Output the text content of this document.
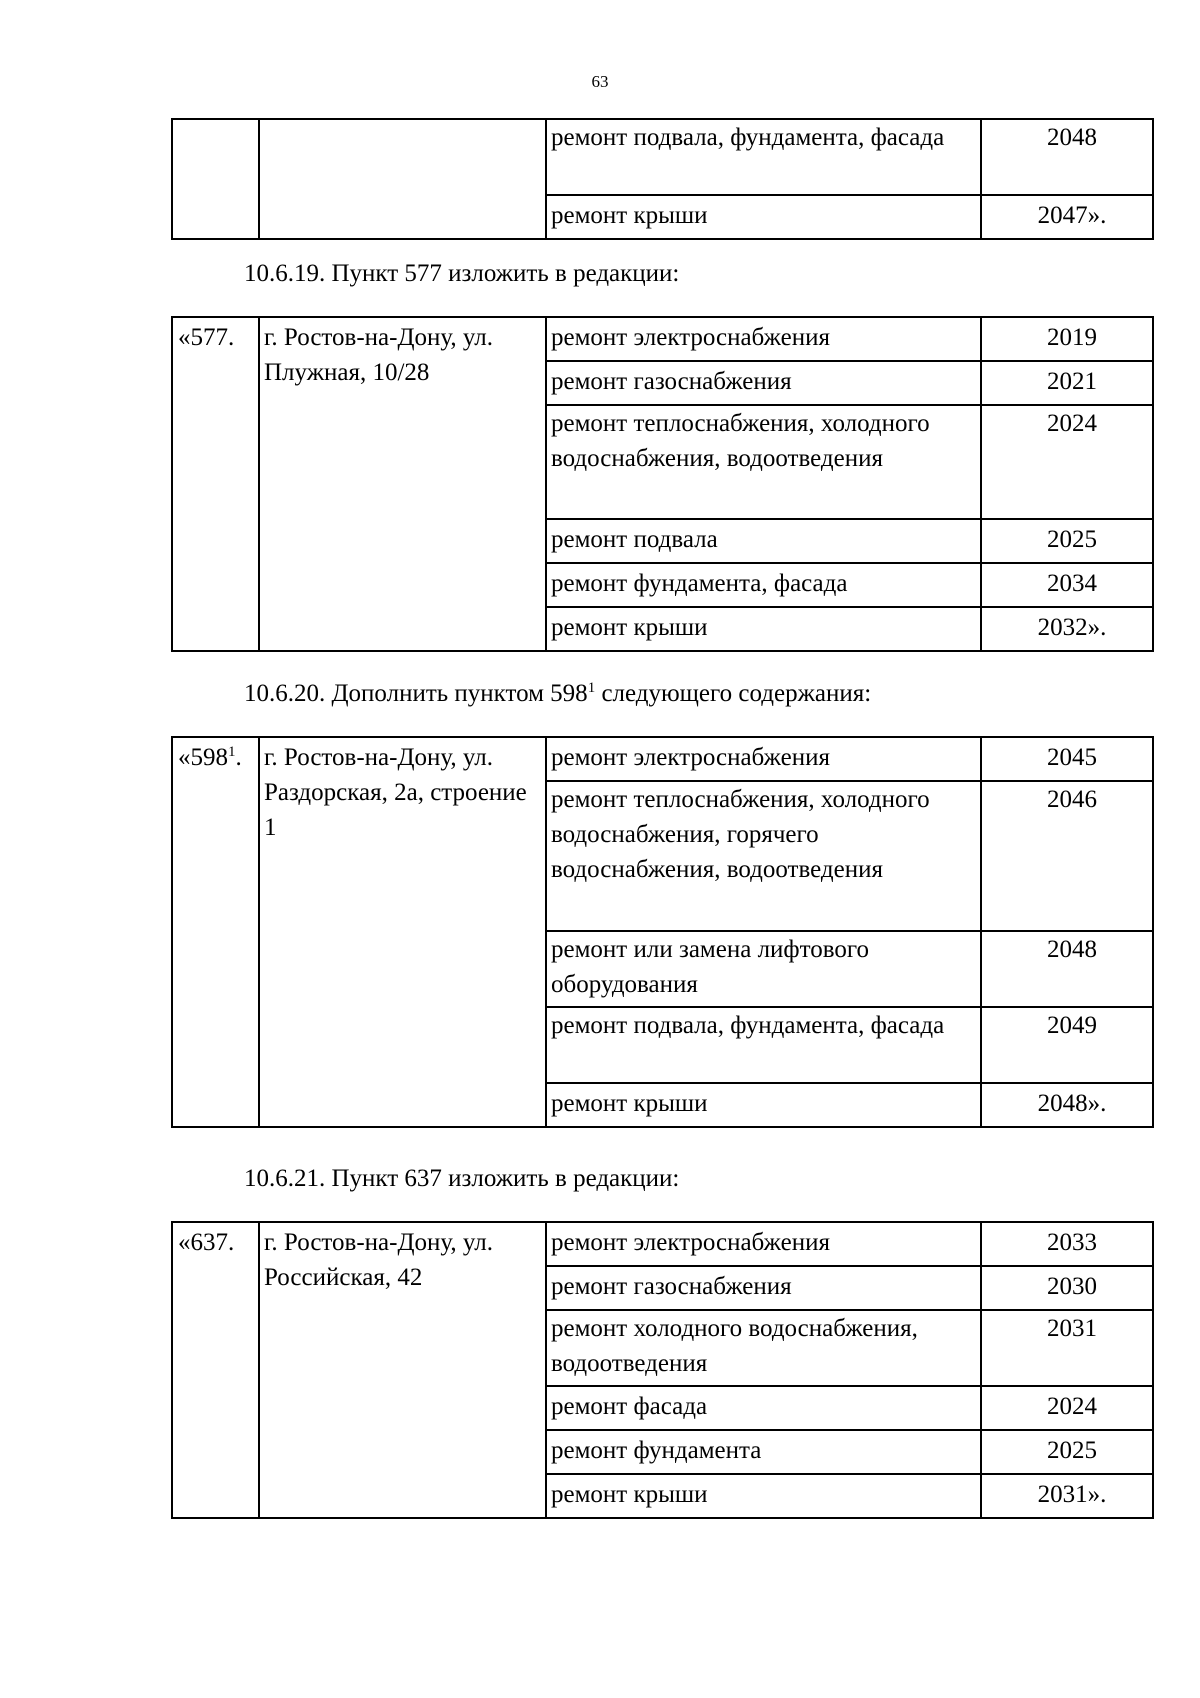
63
		ремонт подвала, фундамента, фасада	2048
		ремонт крыши	2047».
10.6.19. Пункт 577 изложить в редакции:
«577.	г. Ростов-на-Дону, ул. Плужная, 10/28	ремонт электроснабжения	2019
		ремонт газоснабжения	2021
		ремонт теплоснабжения, холодного водоснабжения, водоотведения	2024
		ремонт подвала	2025
		ремонт фундамента, фасада	2034
		ремонт крыши	2032».
10.6.20. Дополнить пунктом $598^1$ следующего содержания:
«$598^1$.	г. Ростов-на-Дону, ул. Раздорская, 2а, строение 1	ремонт электроснабжения	2045
		ремонт теплоснабжения, холодного водоснабжения, горячего водоснабжения, водоотведения	2046
		ремонт или замена лифтового оборудования	2048
		ремонт подвала, фундамента, фасада	2049
		ремонт крыши	2048».
10.6.21. Пункт 637 изложить в редакции:
«637.	г. Ростов-на-Дону, ул. Российская, 42	ремонт электроснабжения	2033
		ремонт газоснабжения	2030
		ремонт холодного водоснабжения, водоотведения	2031
		ремонт фасада	2024
		ремонт фундамента	2025
		ремонт крыши	2031».
